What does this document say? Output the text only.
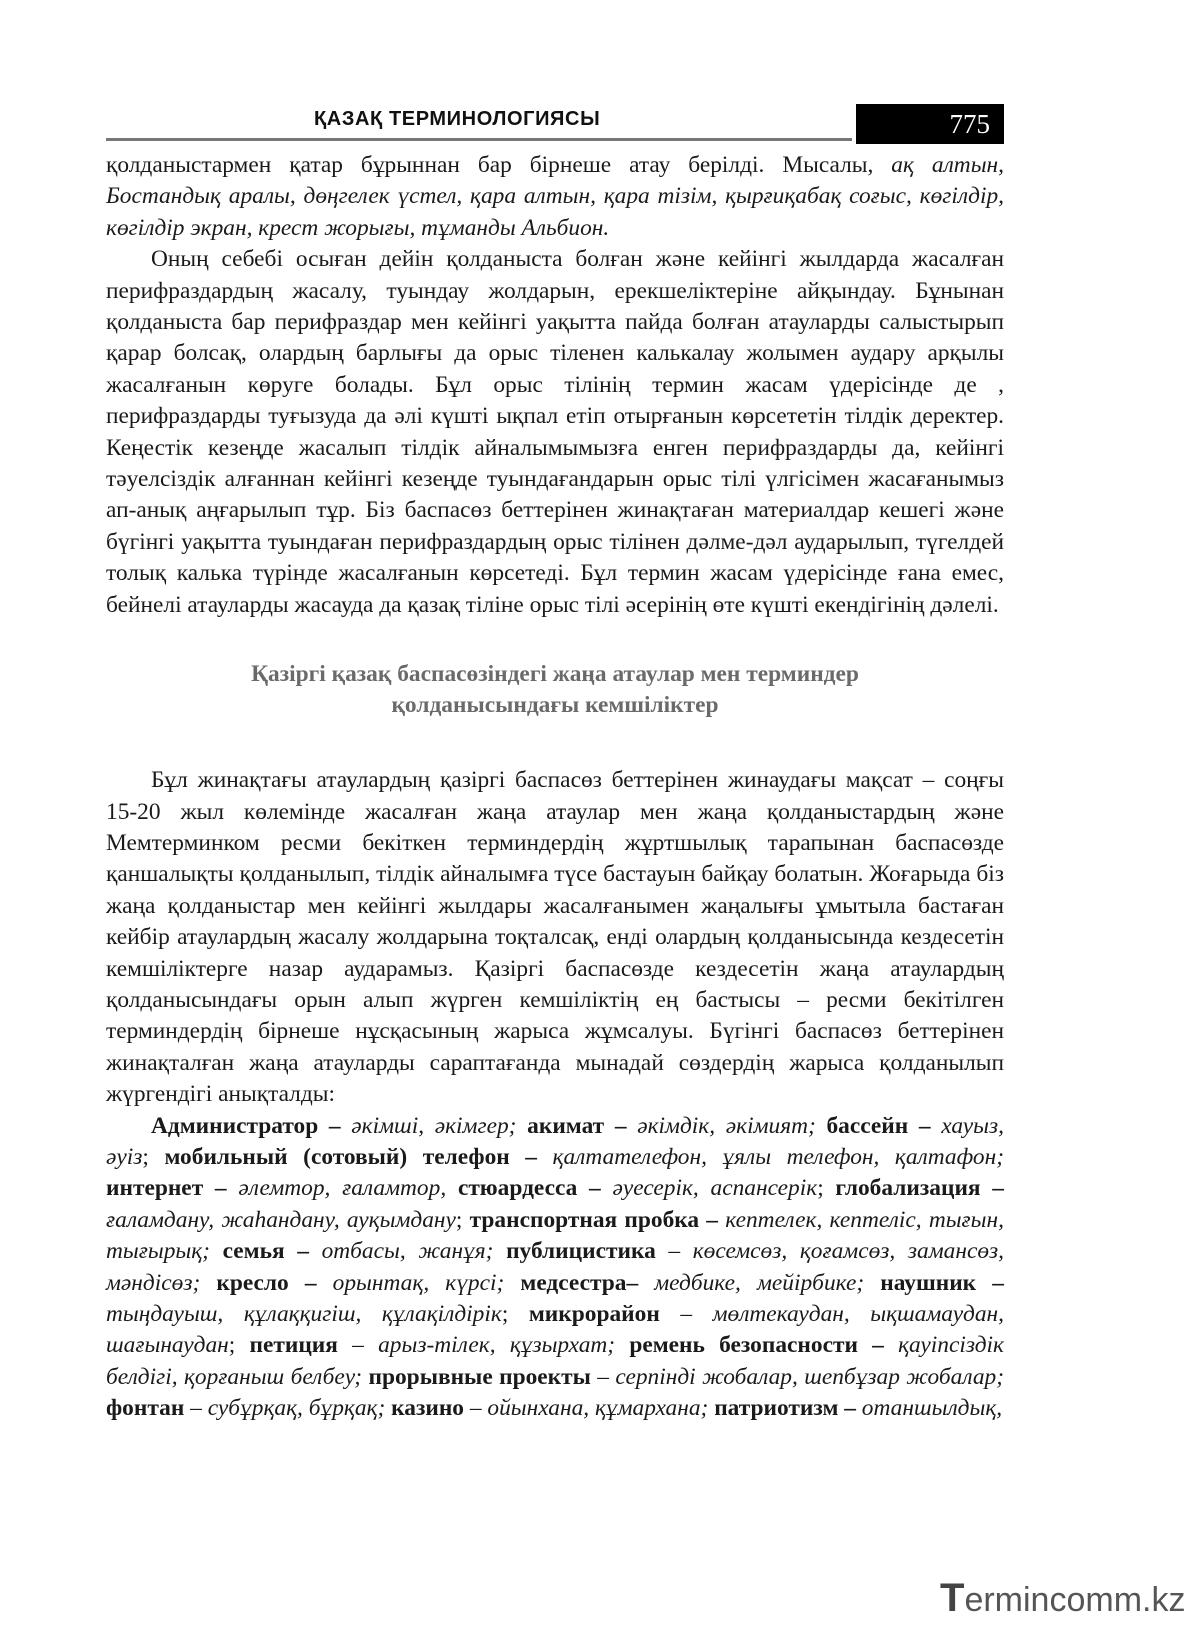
ҚАЗАҚ ТЕРМИНОЛОГИЯСЫ	775

қолданыстармен қатар бұрыннан бар бірнеше атау берілді. Мысалы, ақ алтын, Бостандық аралы, дөңгелек үстел, қара алтын, қара тізім, қырғиқабақ соғыс, көгілдір, көгілдір экран, крест жорығы, тұманды Альбион.

Оның себебі осыған дейін қолданыста болған және кейінгі жылдарда жасалған перифраздардың жасалу, туындау жолдарын, ерекшеліктеріне айқындау. Бұнынан қолданыста бар перифраздар мен кейінгі уақытта пайда болған атауларды салыстырып қарар болсақ, олардың барлығы да орыс тіленен калькалау жолымен аудару арқылы жасалғанын көруге болады. Бұл орыс тілінің термин жасам үдерісінде де , перифраздарды туғызуда да әлі күшті ықпал етіп отырғанын көрсететін тілдік деректер. Кеңестік кезеңде жасалып тілдік айналымымызға енген перифраздарды да, кейінгі тәуелсіздік алғаннан кейінгі кезеңде туындағандарын орыс тілі үлгісімен жасағанымыз ап-анық аңғарылып тұр. Біз баспасөз беттерінен жинақтаған материалдар кешегі және бүгінгі уақытта туындаған перифраздардың орыс тілінен дәлме-дәл аударылып, түгелдей толық калька түрінде жасалғанын көрсетеді. Бұл термин жасам үдерісінде ғана емес, бейнелі атауларды жасауда да қазақ тіліне орыс тілі әсерінің өте күшті екендігінің дәлелі.

Қазіргі қазақ баспасөзіндегі жаңа атаулар мен терминдер
қолданысындағы кемшіліктер

Бұл жинақтағы атаулардың қазіргі баспасөз беттерінен жинаудағы мақсат – соңғы 15-20 жыл көлемінде жасалған жаңа атаулар мен жаңа қолданыстардың және Мемтерминком ресми бекіткен терминдердің жұртшылық тарапынан баспасөзде қаншалықты қолданылып, тілдік айналымға түсе бастауын байқау болатын. Жоғарыда біз жаңа қолданыстар мен кейінгі жылдары жасалғанымен жаңалығы ұмытыла бастаған кейбір атаулардың жасалу жолдарына тоқталсақ, енді олардың қолданысында кездесетін кемшіліктерге назар аударамыз. Қазіргі баспасөзде кездесетін жаңа атаулардың қолданысындағы орын алып жүрген кемшіліктің ең бастысы – ресми бекітілген терминдердің бірнеше нұсқасының жарыса жұмсалуы. Бүгінгі баспасөз беттерінен жинақталған жаңа атауларды сараптағанда мынадай сөздердің жарыса қолданылып жүргендігі анықталды:

Администратор – әкімші, әкімгер; акимат – әкімдік, әкімият; бассейн – хауыз, әуіз; мобильный (сотовый) телефон – қалтателефон, ұялы телефон, қалтафон; интернет – әлемтор, ғаламтор, стюардесса – әуесерік, аспансерік; глобализация – ғаламдану, жаһандану, ауқымдану; транспортная пробка – кептелек, кептеліс, тығын, тығырық; семья – отбасы, жанұя; публицистика – көсемсөз, қоғамсөз, замансөз, мәндісөз; кресло – орынтақ, күрсі; медсестра– медбике, мейірбике; наушник – тыңдауыш, құлаққигіш, құлақілдірік; микрорайон – мөлтекаудан, ықшамаудан, шағынаудан; петиция – арыз-тілек, құзырхат; ремень безопасности – қауіпсіздік белдігі, қорғаныш белбеу; прорывные проекты – серпінді жобалар, шепбұзар жобалар; фонтан – субұрқақ, бұрқақ; казино – ойынхана, құмархана; патриотизм – отаншылдық,

Termincomm.kz
